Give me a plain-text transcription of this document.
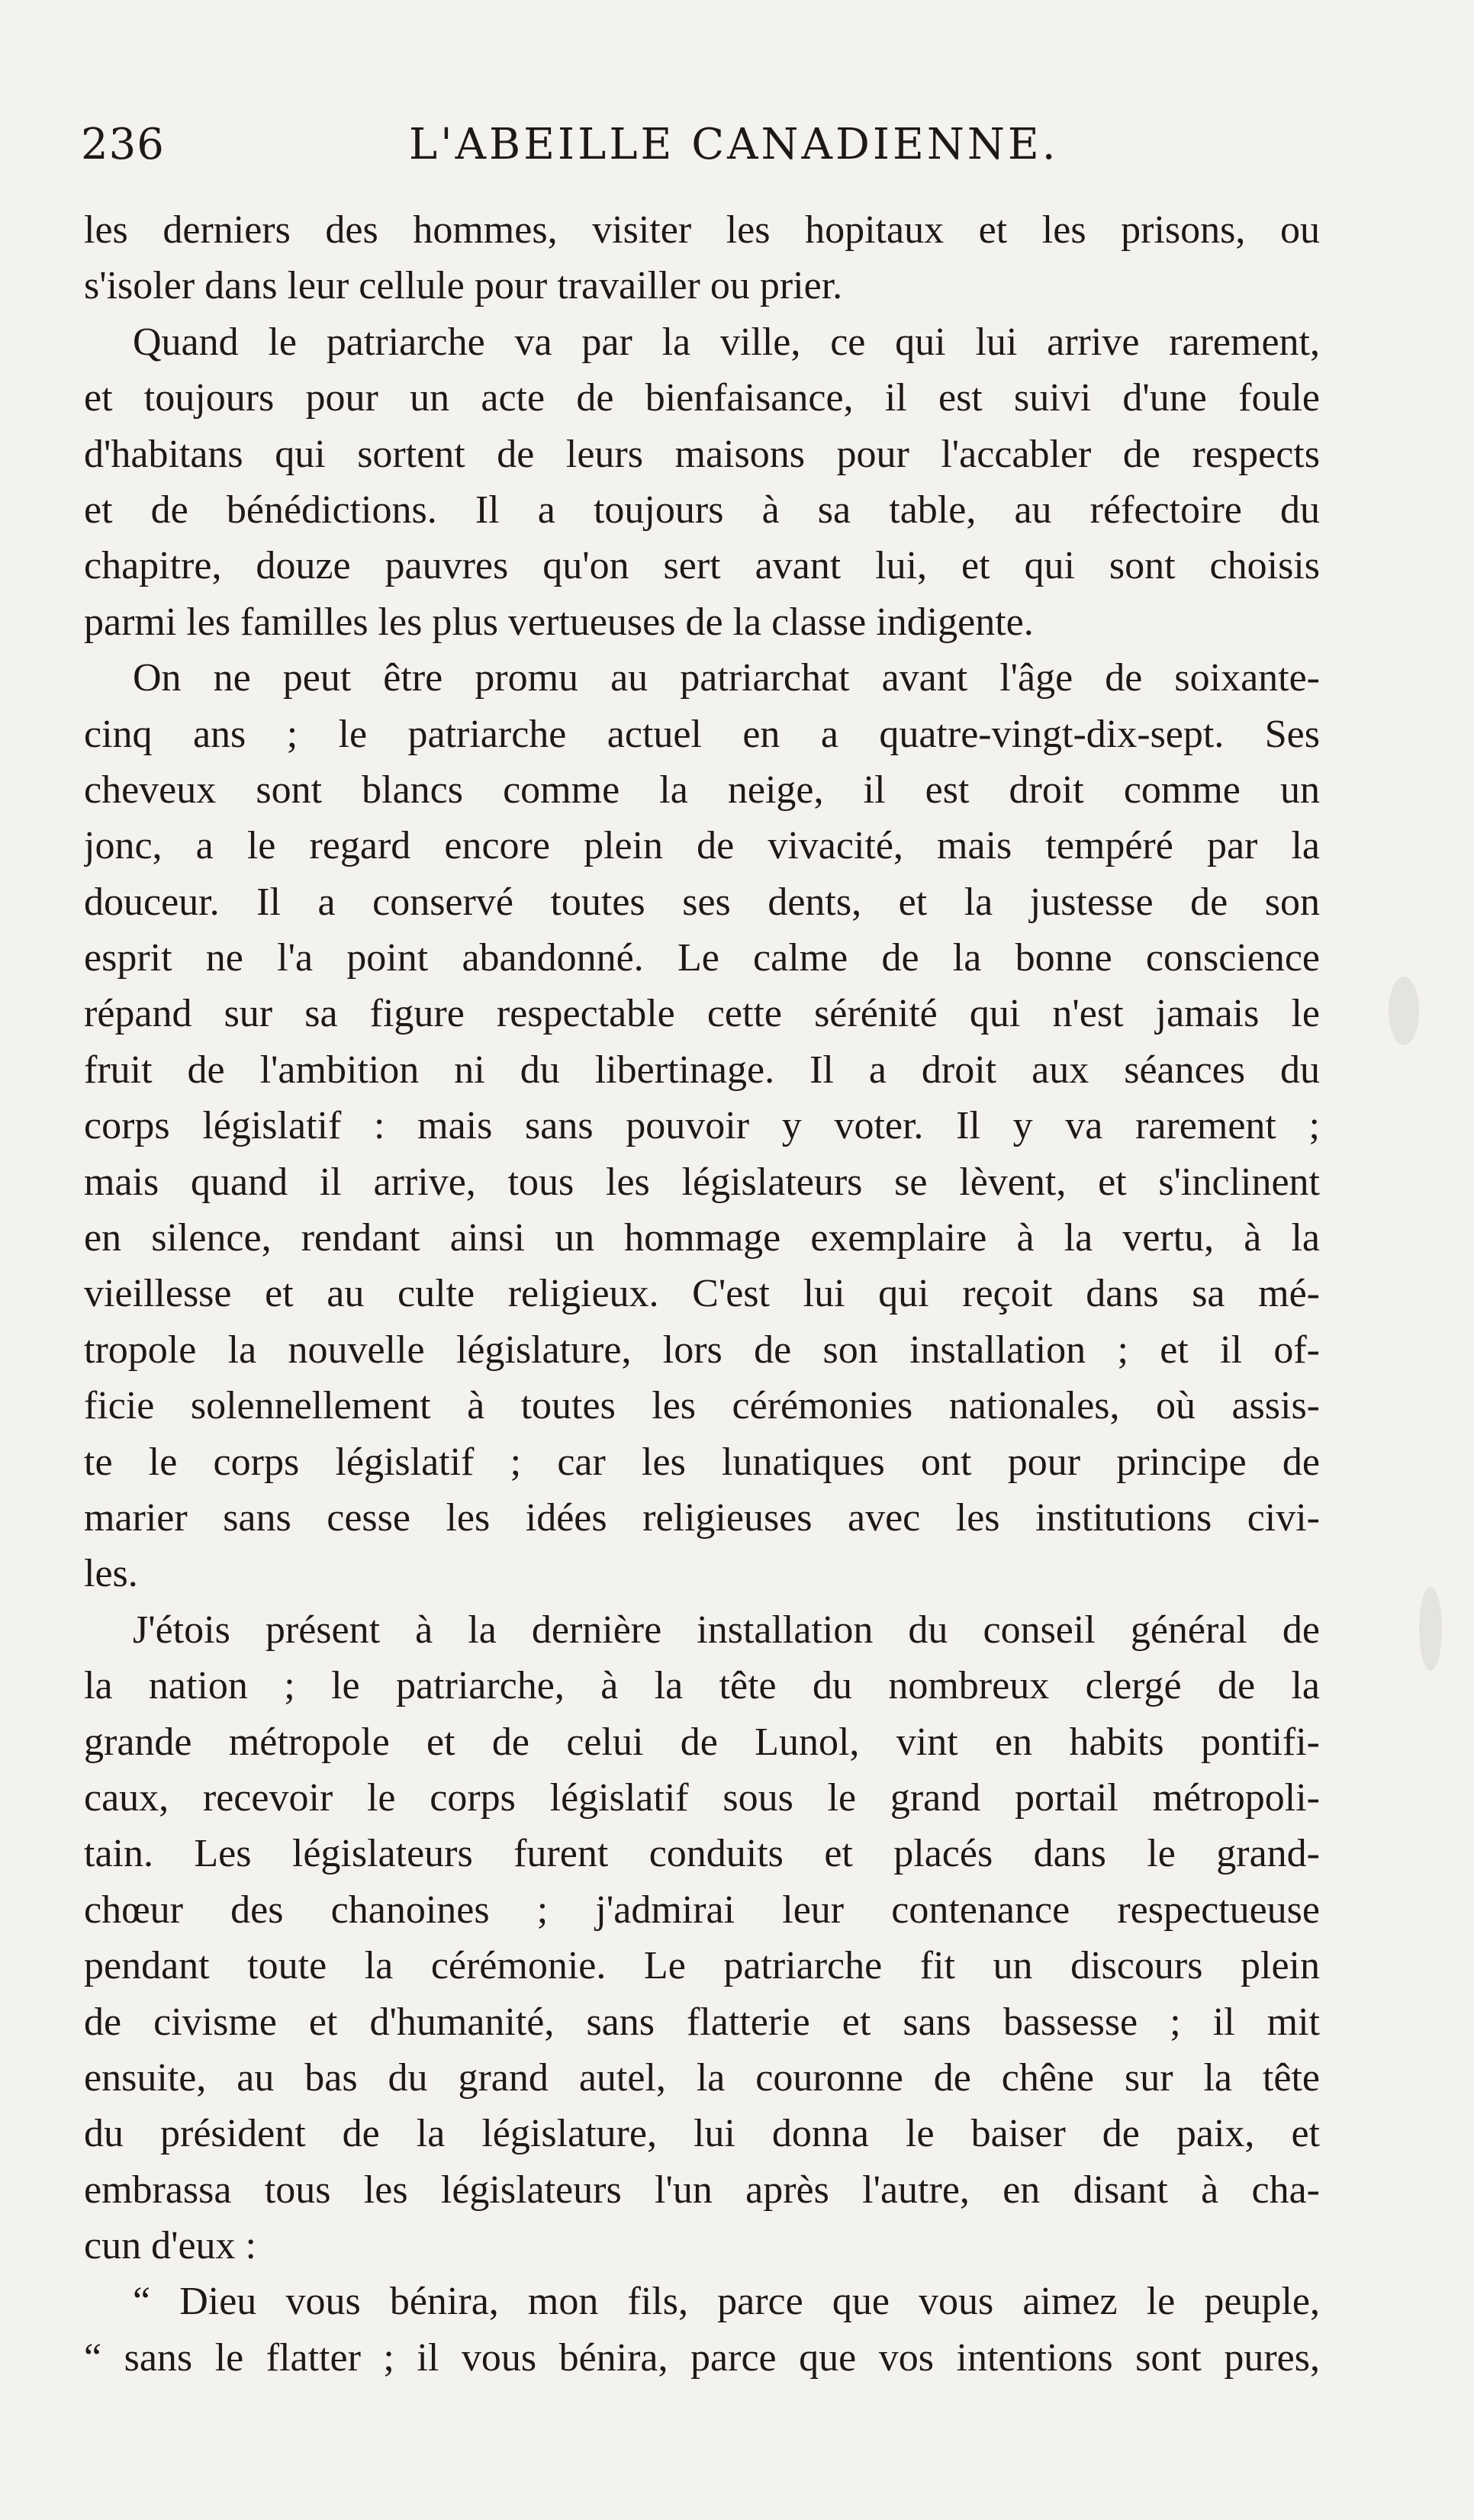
236	L'ABEILLE CANADIENNE.
les derniers des hommes, visiter les hopitaux et les prisons, ou
s'isoler dans leur cellule pour travailler ou prier.
Quand le patriarche va par la ville, ce qui lui arrive rarement,
et toujours pour un acte de bienfaisance, il est suivi d'une foule
d'habitans qui sortent de leurs maisons pour l'accabler de respects
et de bénédictions. Il a toujours à sa table, au réfectoire du
chapitre, douze pauvres qu'on sert avant lui, et qui sont choisis
parmi les familles les plus vertueuses de la classe indigente.
On ne peut être promu au patriarchat avant l'âge de soixante-
cinq ans ; le patriarche actuel en a quatre-vingt-dix-sept. Ses
cheveux sont blancs comme la neige, il est droit comme un
jonc, a le regard encore plein de vivacité, mais tempéré par la
douceur. Il a conservé toutes ses dents, et la justesse de son
esprit ne l'a point abandonné. Le calme de la bonne conscience
répand sur sa figure respectable cette sérénité qui n'est jamais le
fruit de l'ambition ni du libertinage. Il a droit aux séances du
corps législatif : mais sans pouvoir y voter. Il y va rarement ;
mais quand il arrive, tous les législateurs se lèvent, et s'inclinent
en silence, rendant ainsi un hommage exemplaire à la vertu, à la
vieillesse et au culte religieux. C'est lui qui reçoit dans sa mé-
tropole la nouvelle législature, lors de son installation ; et il of-
ficie solennellement à toutes les cérémonies nationales, où assis-
te le corps législatif ; car les lunatiques ont pour principe de
marier sans cesse les idées religieuses avec les institutions civi-
les.
J'étois présent à la dernière installation du conseil général de
la nation ; le patriarche, à la tête du nombreux clergé de la
grande métropole et de celui de Lunol, vint en habits pontifi-
caux, recevoir le corps législatif sous le grand portail métropoli-
tain. Les législateurs furent conduits et placés dans le grand-
chœur des chanoines ; j'admirai leur contenance respectueuse
pendant toute la cérémonie. Le patriarche fit un discours plein
de civisme et d'humanité, sans flatterie et sans bassesse ; il mit
ensuite, au bas du grand autel, la couronne de chêne sur la tête
du président de la législature, lui donna le baiser de paix, et
embrassa tous les législateurs l'un après l'autre, en disant à cha-
cun d'eux :
“ Dieu vous bénira, mon fils, parce que vous aimez le peuple,
“ sans le flatter ; il vous bénira, parce que vos intentions sont pures,
